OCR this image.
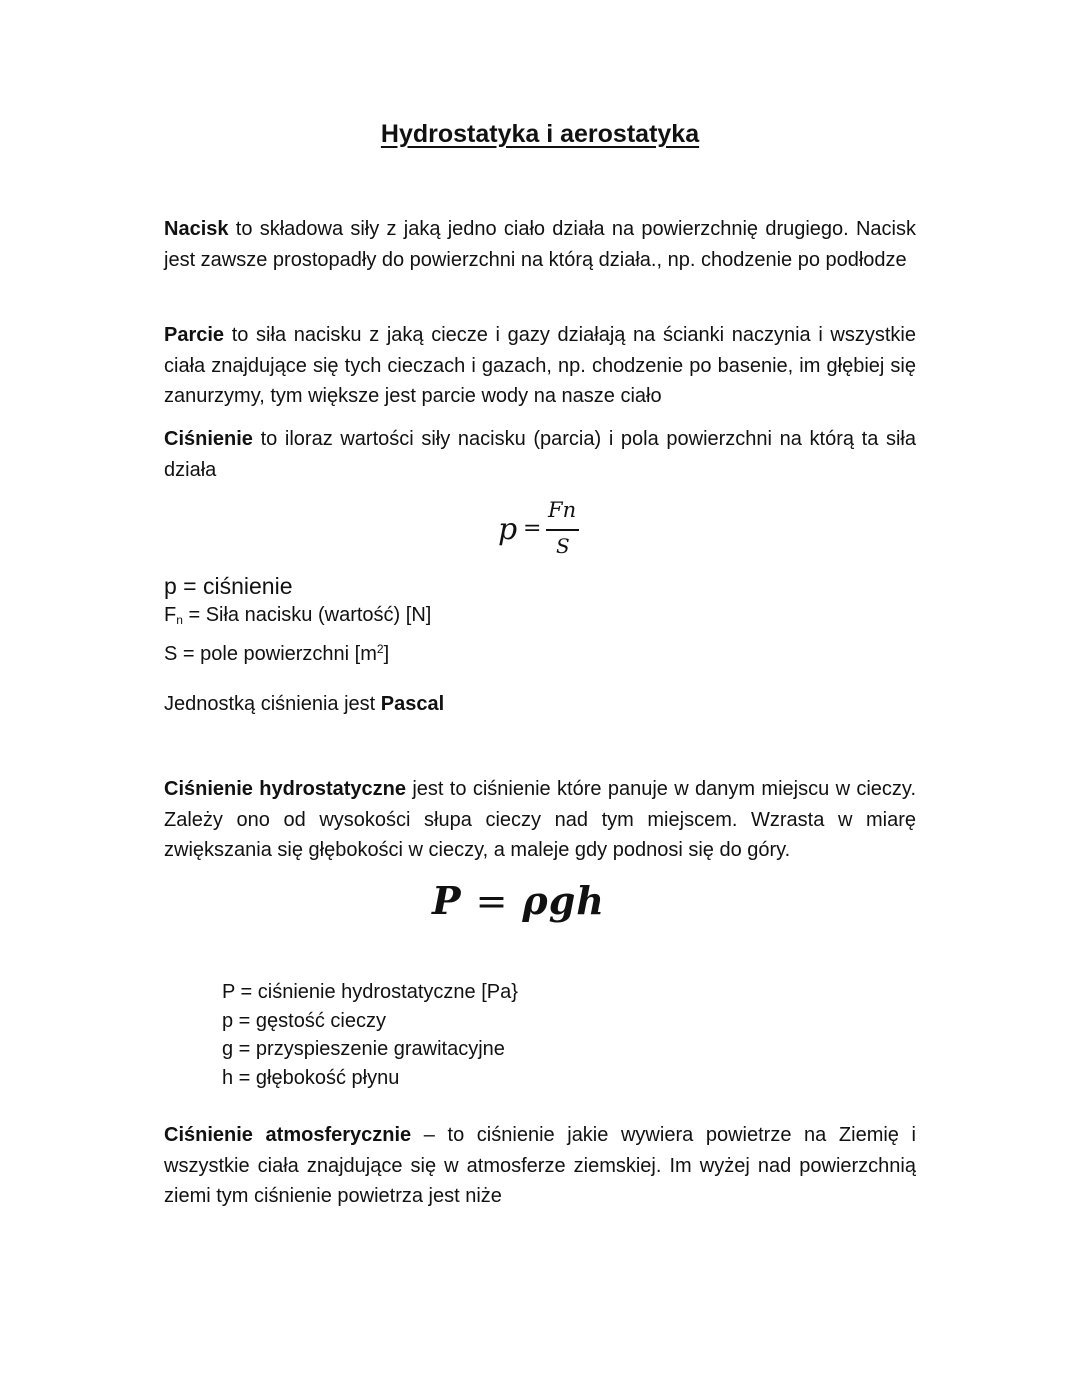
Hydrostatyka i aerostatyka
Nacisk to składowa siły z jaką jedno ciało działa na powierzchnię drugiego. Nacisk jest zawsze prostopadły do powierzchni na którą działa., np. chodzenie po podłodze
Parcie to siła nacisku z jaką ciecze i gazy działają na ścianki naczynia i wszystkie ciała znajdujące się tych cieczach i gazach, np. chodzenie po basenie, im głębiej się zanurzymy, tym większe jest parcie wody na nasze ciało
Ciśnienie to iloraz wartości siły nacisku (parcia) i pola powierzchni na którą ta siła działa
p =
Fn
S
p = ciśnienie
$F_n$ = Siła nacisku (wartość) [N]
S = pole powierzchni $[m^2]$
Jednostką ciśnienia jest Pascal
Ciśnienie hydrostatyczne jest to ciśnienie które panuje w danym miejscu w cieczy. Zależy ono od wysokości słupa cieczy nad tym miejscem. Wzrasta w miarę zwiększania się głębokości w cieczy, a maleje gdy podnosi się do góry.
P = ρgh
P = ciśnienie hydrostatyczne [Pa}
p = gęstość cieczy
g = przyspieszenie grawitacyjne
h = głębokość płynu
Ciśnienie atmosferycznie – to ciśnienie jakie wywiera powietrze na Ziemię i wszystkie ciała znajdujące się w atmosferze ziemskiej. Im wyżej nad powierzchnią ziemi tym ciśnienie powietrza jest niże
